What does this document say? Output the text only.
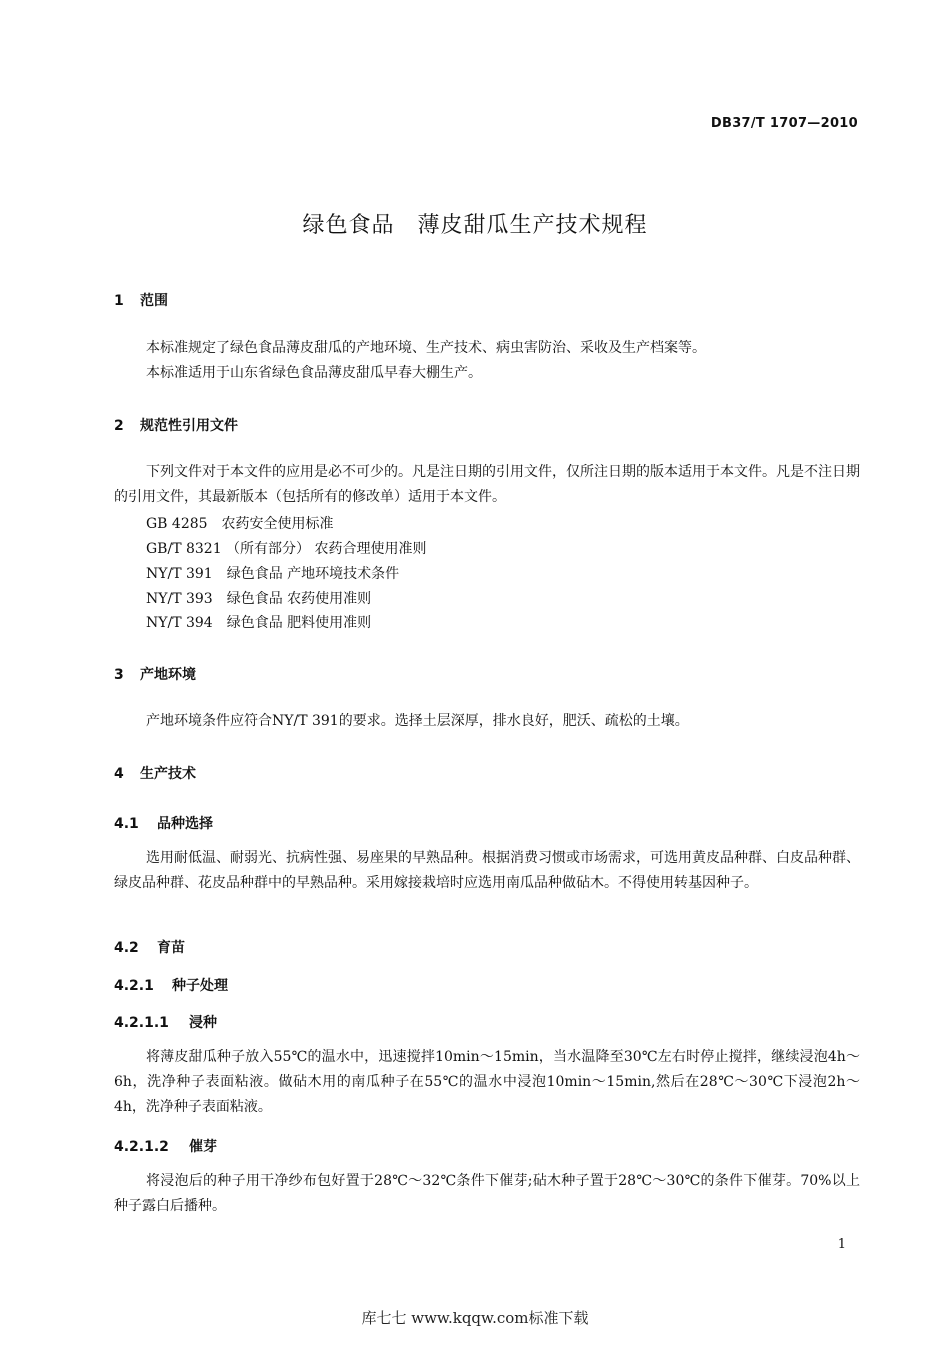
DB37/T 1707—2010
绿色食品　薄皮甜瓜生产技术规程
1 范围
本标准规定了绿色食品薄皮甜瓜的产地环境、生产技术、病虫害防治、采收及生产档案等。
本标准适用于山东省绿色食品薄皮甜瓜早春大棚生产。
2 规范性引用文件
下列文件对于本文件的应用是必不可少的。凡是注日期的引用文件，仅所注日期的版本适用于本文件。凡是不注日期的引用文件，其最新版本（包括所有的修改单）适用于本文件。
GB 4285　农药安全使用标准
GB/T 8321 （所有部分） 农药合理使用准则
NY/T 391　绿色食品 产地环境技术条件
NY/T 393　绿色食品 农药使用准则
NY/T 394　绿色食品 肥料使用准则
3 产地环境
产地环境条件应符合NY/T 391的要求。选择土层深厚，排水良好，肥沃、疏松的土壤。
4 生产技术
4.1 品种选择
选用耐低温、耐弱光、抗病性强、易座果的早熟品种。根据消费习惯或市场需求，可选用黄皮品种群、白皮品种群、绿皮品种群、花皮品种群中的早熟品种。采用嫁接栽培时应选用南瓜品种做砧木。不得使用转基因种子。
4.2 育苗
4.2.1 种子处理
4.2.1.1 浸种
将薄皮甜瓜种子放入55℃的温水中，迅速搅拌10min～15min，当水温降至30℃左右时停止搅拌，继续浸泡4h～6h，洗净种子表面粘液。做砧木用的南瓜种子在55℃的温水中浸泡10min～15min,然后在28℃～30℃下浸泡2h～4h，洗净种子表面粘液。
4.2.1.2 催芽
将浸泡后的种子用干净纱布包好置于28℃～32℃条件下催芽;砧木种子置于28℃～30℃的条件下催芽。70%以上种子露白后播种。
1
库七七 www.kqqw.com标准下载
